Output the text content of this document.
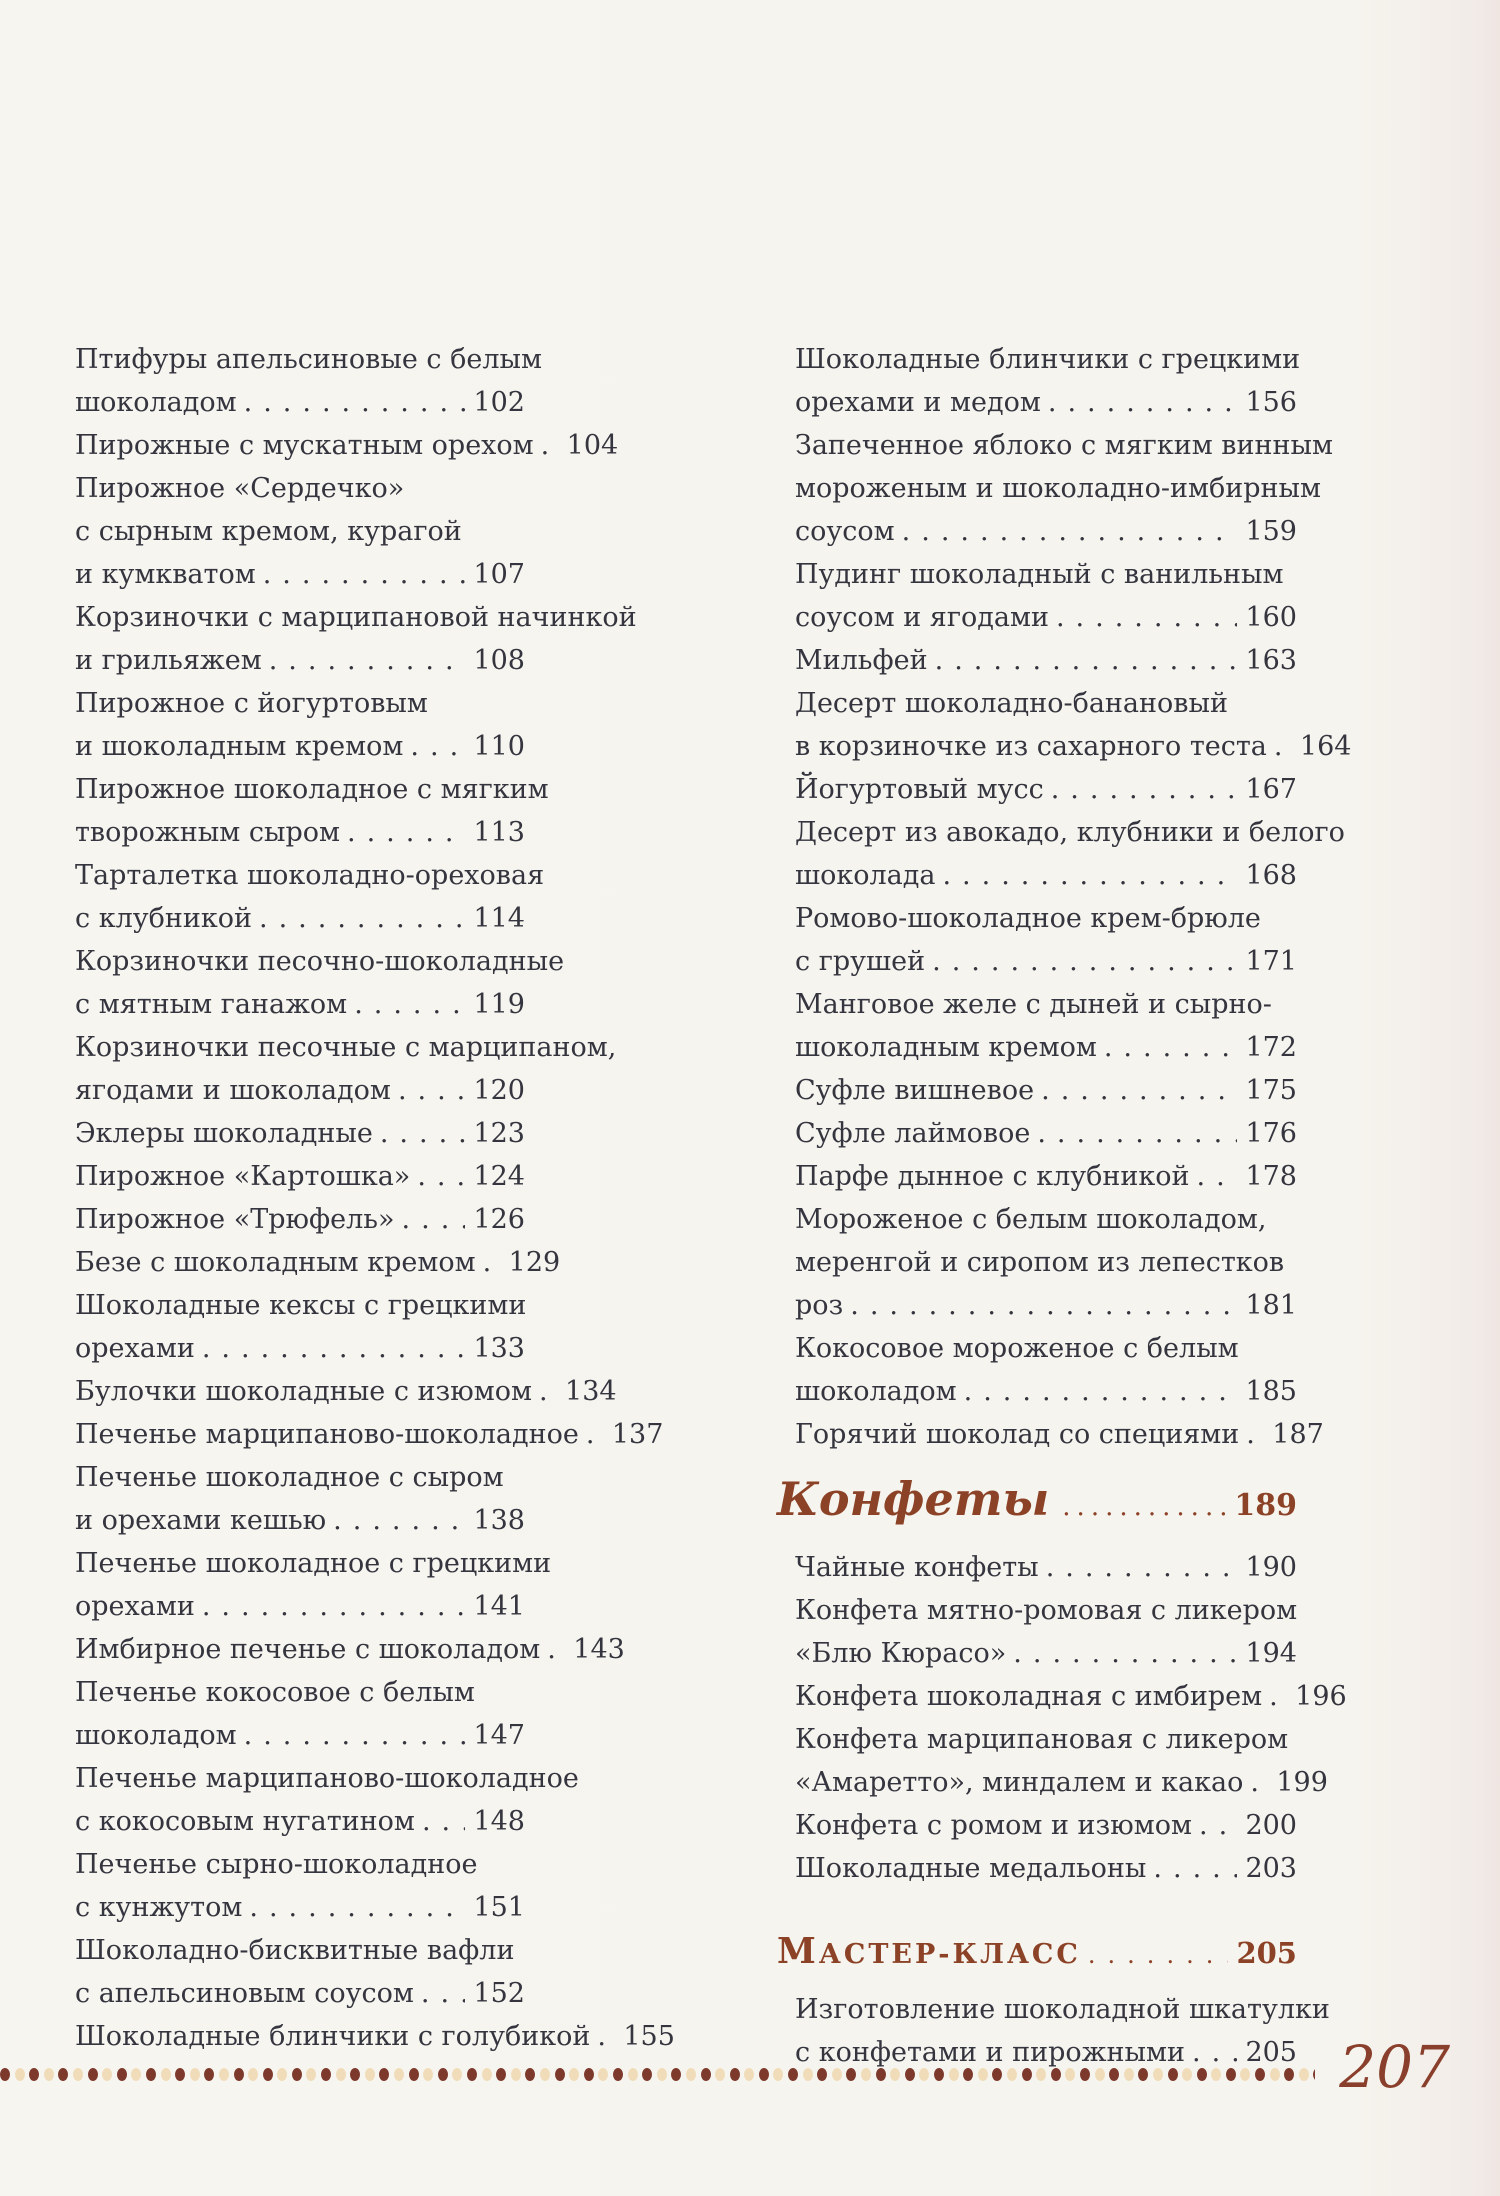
Птифуры апельсиновые с белым
шоколадом .....	102
Пирожные с мускатным орехом ..... 104
Пирожное «Сердечко»
с сырным кремом, курагой
и кумкватом .....	107
Корзиночки с марципановой начинкой
и грильяжем .....	108
Пирожное с йогуртовым
и шоколадным кремом .....	110
Пирожное шоколадное с мягким
творожным сыром .....	113
Тарталетка шоколадно-ореховая
с клубникой .....	114
Корзиночки песочно-шоколадные
с мятным ганажом .....	119
Корзиночки песочные с марципаном,
ягодами и шоколадом .....	120
Эклеры шоколадные .....	123
Пирожное «Картошка» ..... 124
Пирожное «Трюфель» .....	126
Безе с шоколадным кремом ..... 129
Шоколадные кексы с грецкими
орехами .....	133
Булочки шоколадные с изюмом ..... 134
Печенье марципаново-шоколадное ..... 137
Печенье шоколадное с сыром
и орехами кешью .....	138
Печенье шоколадное с грецкими
орехами .....	141
Имбирное печенье с шоколадом ..... 143
Печенье кокосовое с белым
шоколадом .....	147
Печенье марципаново-шоколадное
с кокосовым нугатином ..... 148
Печенье сырно-шоколадное
с кунжутом .....	151
Шоколадно-бисквитные вафли
с апельсиновым соусом ..... 152
Шоколадные блинчики с голубикой ..... 155
Шоколадные блинчики с грецкими
орехами и медом .....	156
Запеченное яблоко с мягким винным
мороженым и шоколадно-имбирным
соусом .....	159
Пудинг шоколадный с ванильным
соусом и ягодами .....	160
Мильфей .....	163
Десерт шоколадно-банановый
в корзиночке из сахарного теста ..... 164
Йогуртовый мусс .....	167
Десерт из авокадо, клубники и белого
шоколада .....	168
Ромово-шоколадное крем-брюле
с грушей .....	171
Манговое желе с дыней и сырно-
шоколадным кремом .....	172
Суфле вишневое .....	175
Суфле лаймовое .....	176
Парфе дынное с клубникой ..... 178
Мороженое с белым шоколадом,
меренгой и сиропом из лепестков
роз .....	181
Кокосовое мороженое с белым
шоколадом .....	185
Горячий шоколад со специями ..... 187
Конфеты .....	189
Чайные конфеты .....	190
Конфета мятно-ромовая с ликером
«Блю Кюрасо» .....	194
Конфета шоколадная с имбирем ..... 196
Конфета марципановая с ликером
«Амаретто», миндалем и какао ..... 199
Конфета с ромом и изюмом ..... 200
Шоколадные медальоны .....	203
МАСТЕР-КЛАСС .....	205
Изготовление шоколадной шкатулки
с конфетами и пирожными ..... 205 207
